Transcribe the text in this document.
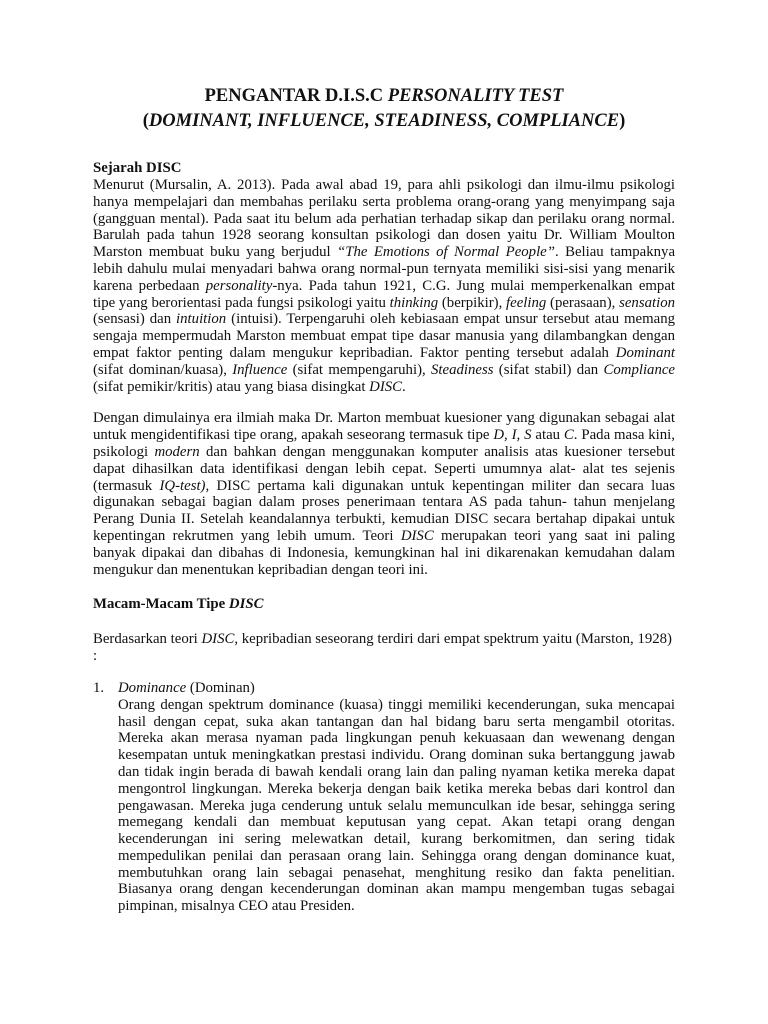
PENGANTAR D.I.S.C PERSONALITY TEST

(DOMINANT, INFLUENCE, STEADINESS, COMPLIANCE)

Sejarah DISC

Menurut (Mursalin, A. 2013). Pada awal abad 19, para ahli psikologi dan ilmu-ilmu psikologi hanya mempelajari dan membahas perilaku serta problema orang-orang yang menyimpang saja (gangguan mental). Pada saat itu belum ada perhatian terhadap sikap dan perilaku orang normal. Barulah pada tahun 1928 seorang konsultan psikologi dan dosen yaitu Dr. William Moulton Marston membuat buku yang berjudul “The Emotions of Normal People”. Beliau tampaknya lebih dahulu mulai menyadari bahwa orang normal-pun ternyata memiliki sisi-sisi yang menarik karena perbedaan personality-nya. Pada tahun 1921, C.G. Jung mulai memperkenalkan empat tipe yang berorientasi pada fungsi psikologi yaitu thinking (berpikir), feeling (perasaan), sensation (sensasi) dan intuition (intuisi). Terpengaruhi oleh kebiasaan empat unsur tersebut atau memang sengaja mempermudah Marston membuat empat tipe dasar manusia yang dilambangkan dengan empat faktor penting dalam mengukur kepribadian. Faktor penting tersebut adalah Dominant (sifat dominan/kuasa), Influence (sifat mempengaruhi), Steadiness (sifat stabil) dan Compliance (sifat pemikir/kritis) atau yang biasa disingkat DISC.

Dengan dimulainya era ilmiah maka Dr. Marton membuat kuesioner yang digunakan sebagai alat untuk mengidentifikasi tipe orang, apakah seseorang termasuk tipe D, I, S atau C. Pada masa kini, psikologi modern dan bahkan dengan menggunakan komputer analisis atas kuesioner tersebut dapat dihasilkan data identifikasi dengan lebih cepat. Seperti umumnya alat- alat tes sejenis (termasuk IQ-test), DISC pertama kali digunakan untuk kepentingan militer dan secara luas digunakan sebagai bagian dalam proses penerimaan tentara AS pada tahun- tahun menjelang Perang Dunia II. Setelah keandalannya terbukti, kemudian DISC secara bertahap dipakai untuk kepentingan rekrutmen yang lebih umum. Teori DISC merupakan teori yang saat ini paling banyak dipakai dan dibahas di Indonesia, kemungkinan hal ini dikarenakan kemudahan dalam mengukur dan menentukan kepribadian dengan teori ini.

Macam-Macam Tipe DISC

Berdasarkan teori DISC, kepribadian seseorang terdiri dari empat spektrum yaitu (Marston, 1928) :

1. Dominance (Dominan)

Orang dengan spektrum dominance (kuasa) tinggi memiliki kecenderungan, suka mencapai hasil dengan cepat, suka akan tantangan dan hal bidang baru serta mengambil otoritas. Mereka akan merasa nyaman pada lingkungan penuh kekuasaan dan wewenang dengan kesempatan untuk meningkatkan prestasi individu. Orang dominan suka bertanggung jawab dan tidak ingin berada di bawah kendali orang lain dan paling nyaman ketika mereka dapat mengontrol lingkungan. Mereka bekerja dengan baik ketika mereka bebas dari kontrol dan pengawasan. Mereka juga cenderung untuk selalu memunculkan ide besar, sehingga sering memegang kendali dan membuat keputusan yang cepat. Akan tetapi orang dengan kecenderungan ini sering melewatkan detail, kurang berkomitmen, dan sering tidak mempedulikan penilai dan perasaan orang lain. Sehingga orang dengan dominance kuat, membutuhkan orang lain sebagai penasehat, menghitung resiko dan fakta penelitian. Biasanya orang dengan kecenderungan dominan akan mampu mengemban tugas sebagai pimpinan, misalnya CEO atau Presiden.
